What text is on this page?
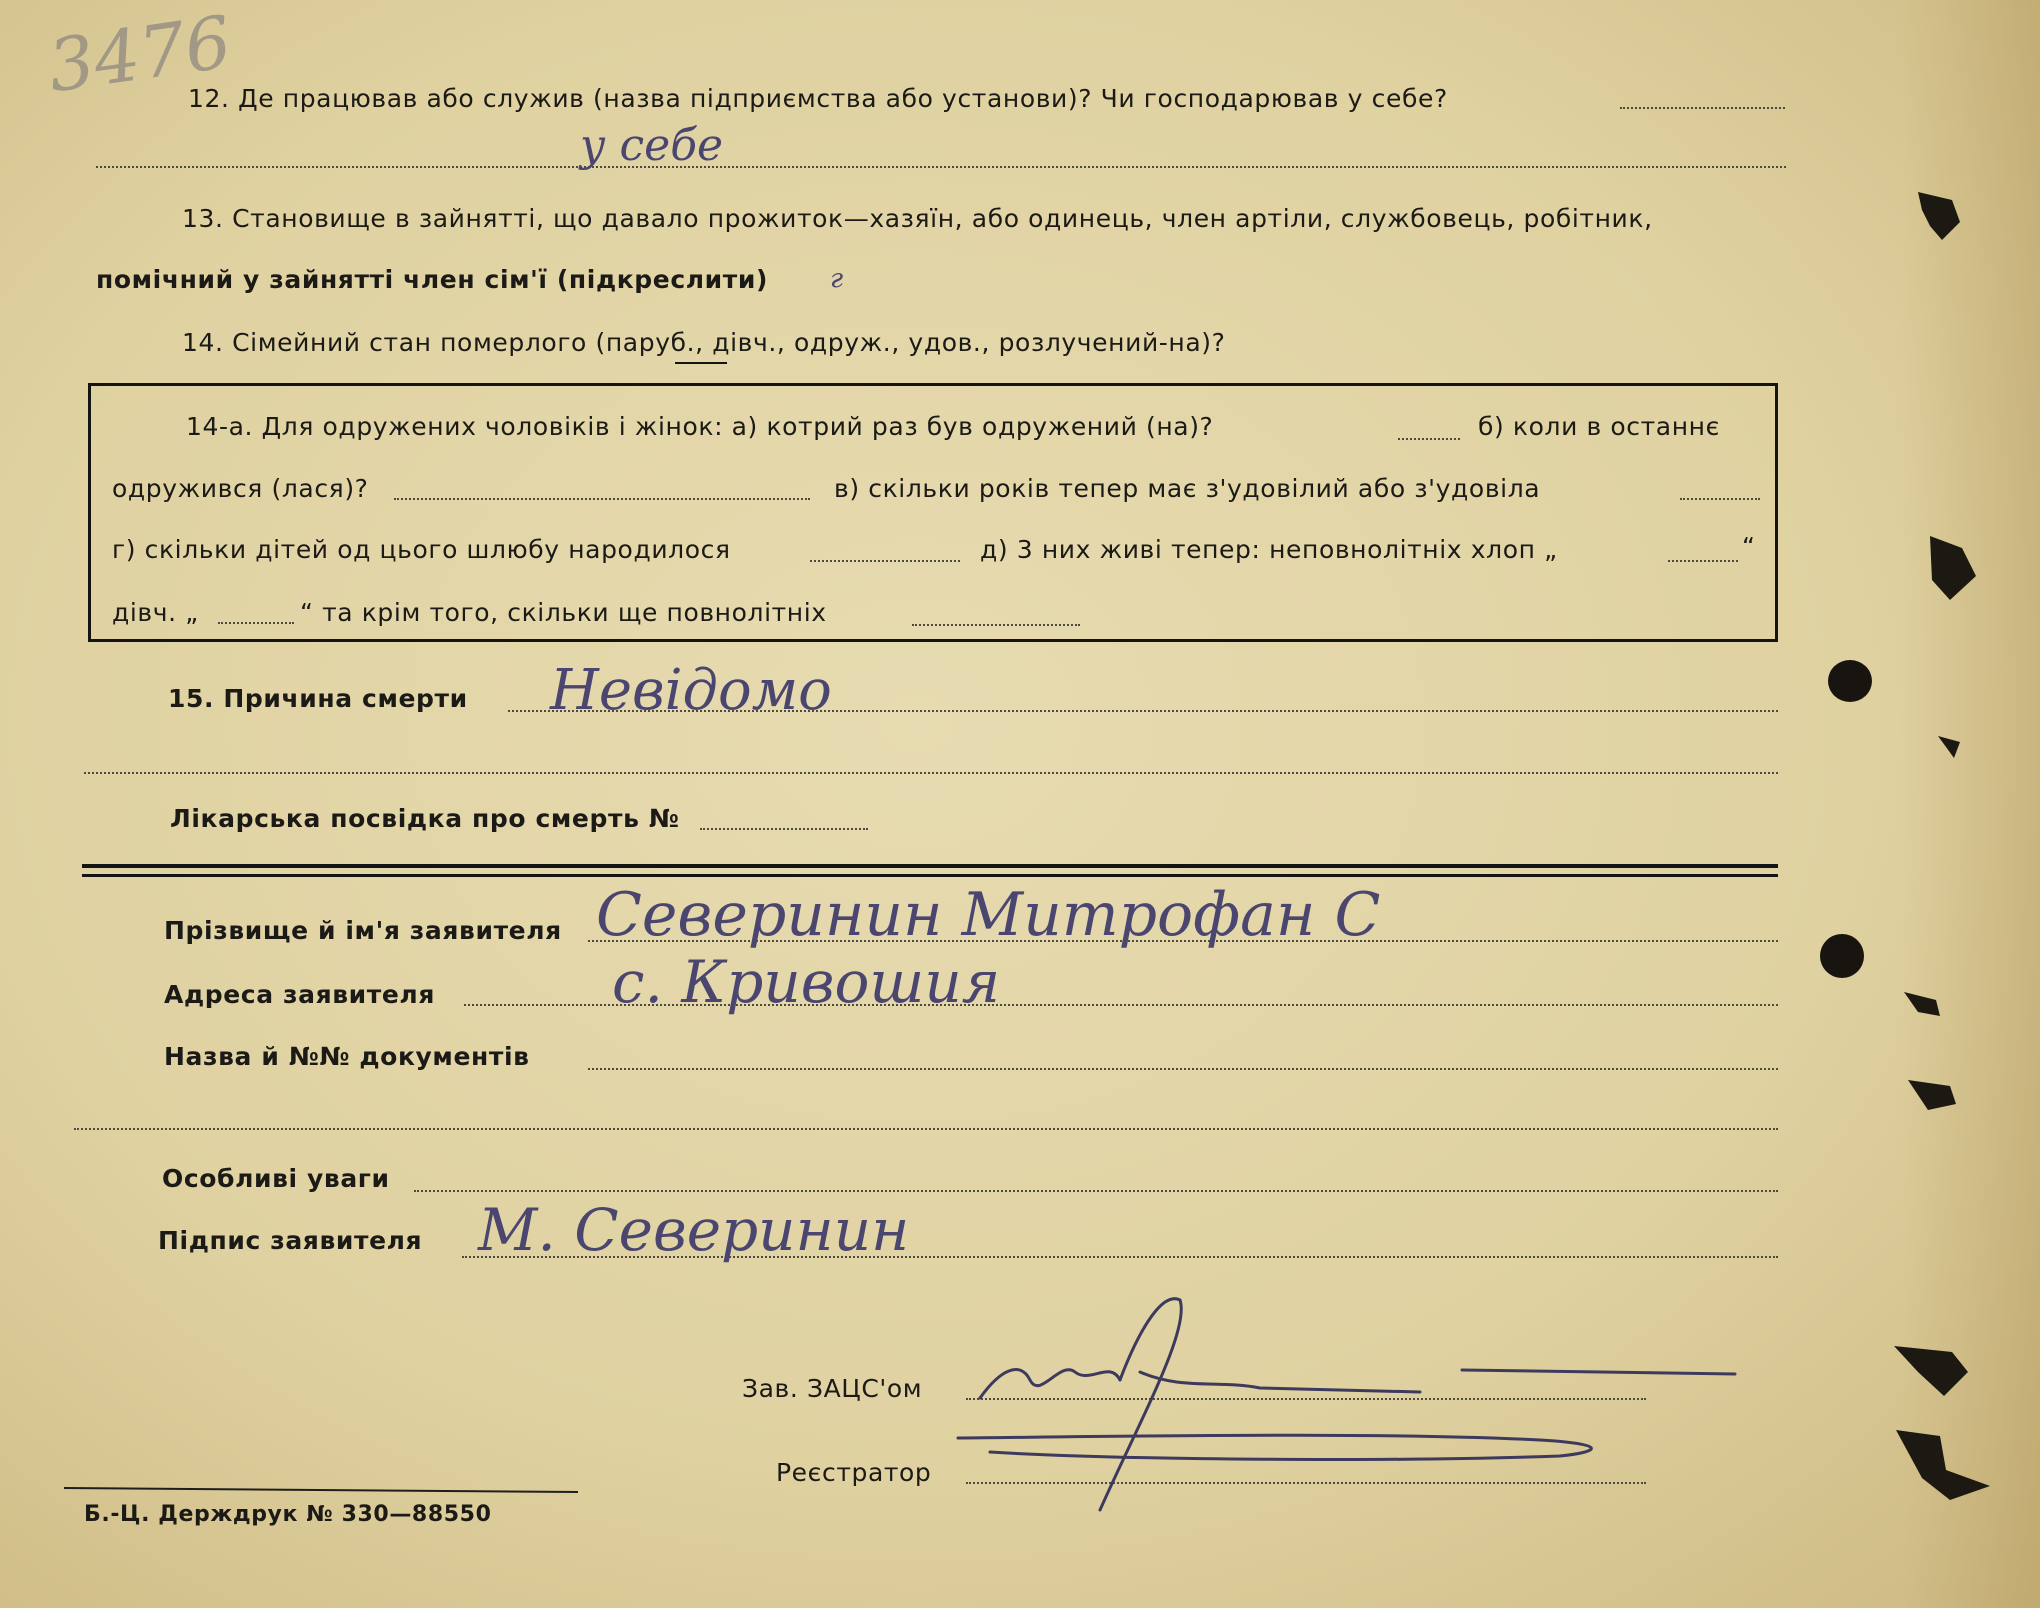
3476
12. Де працював або служив (назва підприємства або установи)? Чи господарював у себе?
у себе
13. Становище в зайнятті, що давало прожиток—хазяїн, або одинець, член артіли, службовець, робітник,
помічний у зайнятті член сім'ї (підкреслити) г
14. Сімейний стан померлого (паруб., дівч., одруж., удов., розлучений-на)?
14-а. Для одружених чоловіків і жінок: а) котрий раз був одружений (на)?	б) коли в останнє
одружився (лася)?	в) скільки років тепер має з'удовілий або з'удовіла
г) скільки дітей од цього шлюбу народилося	д) 3 них живі тепер: неповнолітніх хлоп „	“
дівч. „	“ та крім того, скільки ще повнолітніх
15. Причина смерти Невідомо
Лікарська посвідка про смерть №
Прізвище й ім'я заявителя Северинин Митрофан С
Адреса заявителя	с. Кривошия
Назва й №№ документів
Особливі уваги
Підпис заявителя М. Северинин
Зав. ЗАЦС'ом
Реєстратор
Б.-Ц. Держдрук № 330—88550
